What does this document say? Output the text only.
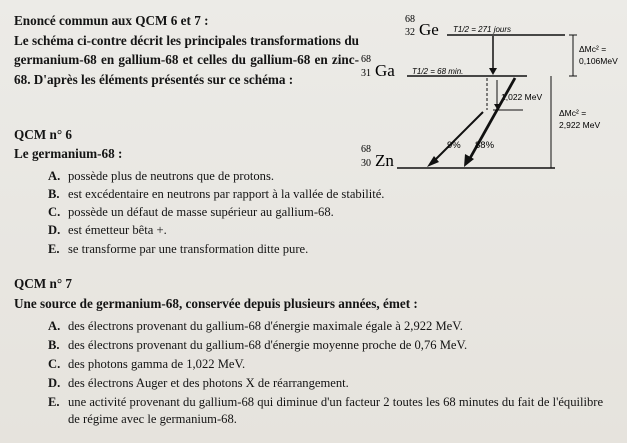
Enoncé commun aux QCM 6 et 7 :
Le schéma ci-contre décrit les principales transformations du germanium-68 en gallium-68 et celles du gallium-68 en zinc-68. D'après les éléments présentés sur ce schéma :
68
32 Ge T1/2 = 271 jours
68
31 Ga T1/2 = 68 min.
ΔMc² =
0,106MeV
1,022 MeV
ΔMc² =
2,922 MeV
68
30 Zn
9% 88%
QCM n° 6
Le germanium-68 :
A. possède plus de neutrons que de protons.
B. est excédentaire en neutrons par rapport à la vallée de stabilité.
C. possède un défaut de masse supérieur au gallium-68.
D. est émetteur bêta +.
E. se transforme par une transformation ditte pure.
QCM n° 7
Une source de germanium-68, conservée depuis plusieurs années, émet :
A. des électrons provenant du gallium-68 d'énergie maximale égale à 2,922 MeV.
B. des électrons provenant du gallium-68 d'énergie moyenne proche de 0,76 MeV.
C. des photons gamma de 1,022 MeV.
D. des électrons Auger et des photons X de réarrangement.
E. une activité provenant du gallium-68 qui diminue d'un facteur 2 toutes les 68 minutes du fait de l'équilibre de régime avec le germanium-68.
